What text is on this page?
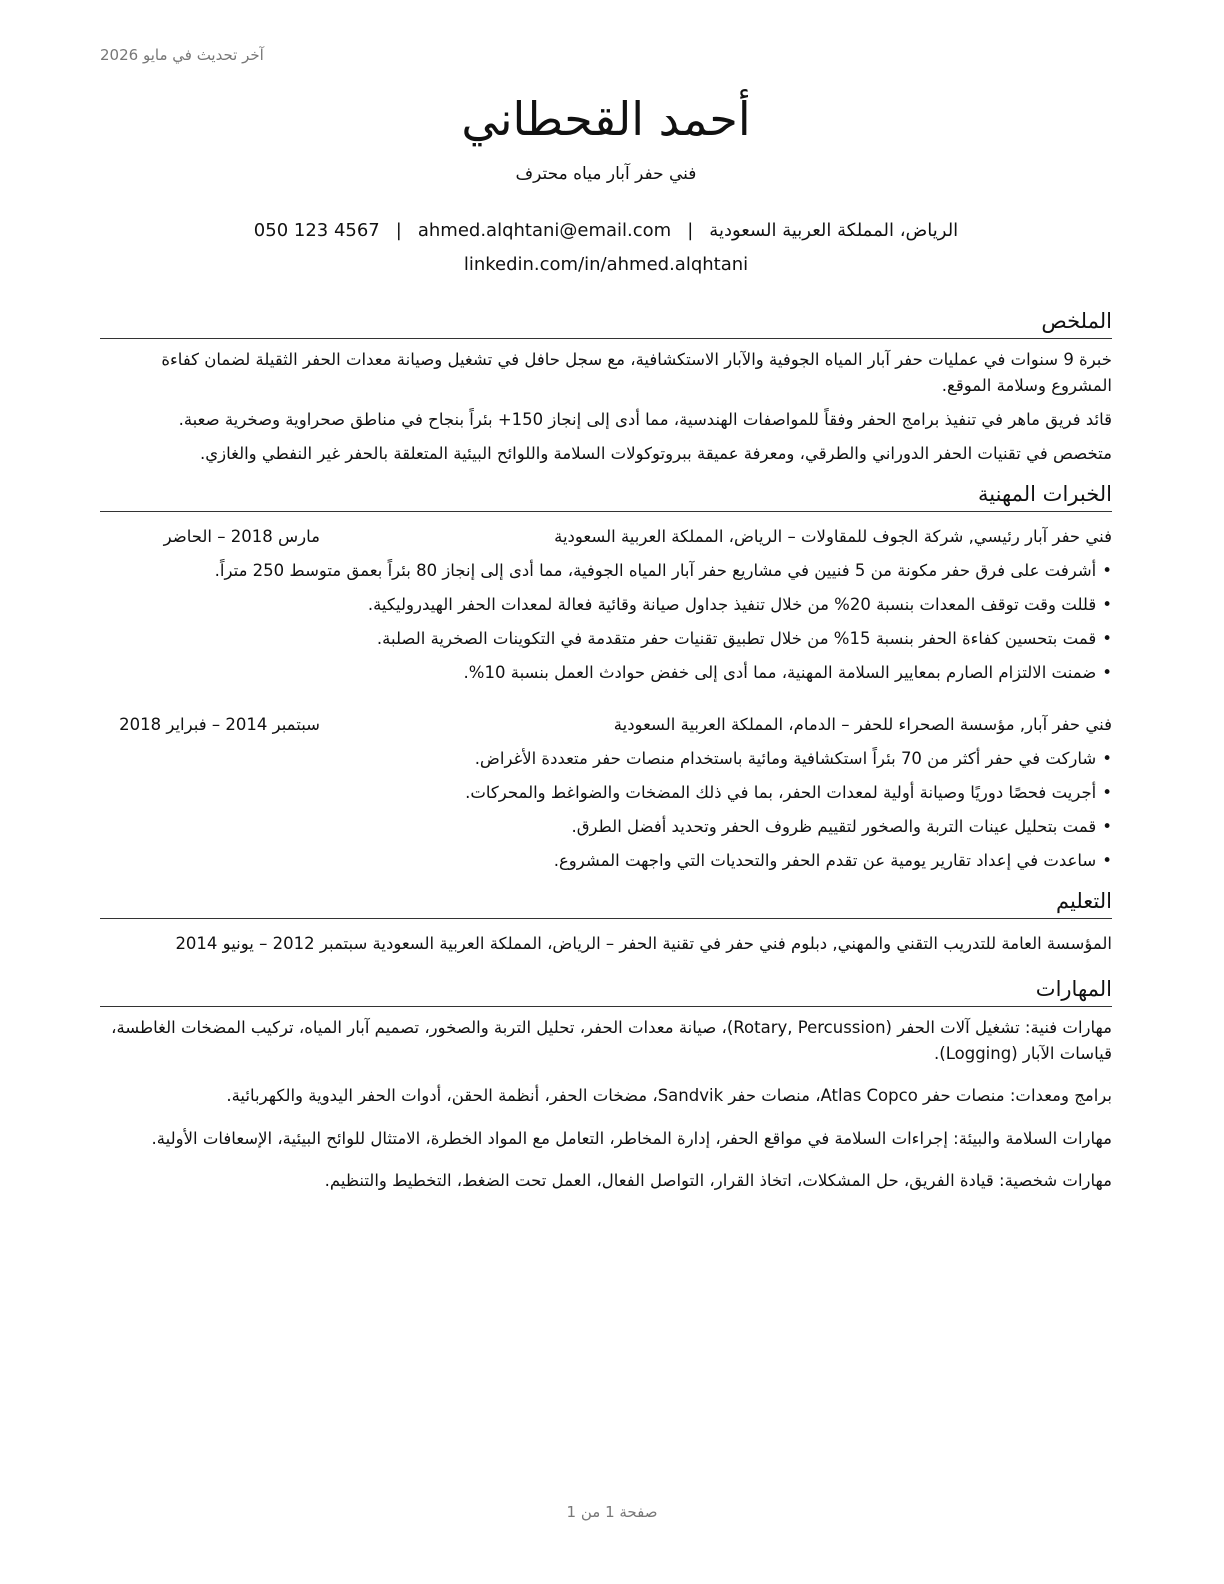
آخر تحديث في مايو 2026
أحمد القحطاني
فني حفر آبار مياه محترف
الرياض، المملكة العربية السعودية|ahmed.alqhtani@email.com|050 123 4567
linkedin.com/in/ahmed.alqhtani
الملخص

خبرة 9 سنوات في عمليات حفر آبار المياه الجوفية والآبار الاستكشافية، مع سجل حافل في تشغيل وصيانة معدات الحفر الثقيلة لضمان كفاءة المشروع وسلامة الموقع.

قائد فريق ماهر في تنفيذ برامج الحفر وفقاً للمواصفات الهندسية، مما أدى إلى إنجاز 150+ بئراً بنجاح في مناطق صحراوية وصخرية صعبة.

متخصص في تقنيات الحفر الدوراني والطرقي، ومعرفة عميقة ببروتوكولات السلامة واللوائح البيئية المتعلقة بالحفر غير النفطي والغازي.

الخبرات المهنية
فني حفر آبار رئيسي, شركة الجوف للمقاولات – الرياض، المملكة العربية السعودية
مارس 2018 – الحاضر
•أشرفت على فرق حفر مكونة من 5 فنيين في مشاريع حفر آبار المياه الجوفية، مما أدى إلى إنجاز 80 بئراً بعمق متوسط 250 متراً.
•قللت وقت توقف المعدات بنسبة 20% من خلال تنفيذ جداول صيانة وقائية فعالة لمعدات الحفر الهيدروليكية.
•قمت بتحسين كفاءة الحفر بنسبة 15% من خلال تطبيق تقنيات حفر متقدمة في التكوينات الصخرية الصلبة.
•ضمنت الالتزام الصارم بمعايير السلامة المهنية، مما أدى إلى خفض حوادث العمل بنسبة 10%.
فني حفر آبار, مؤسسة الصحراء للحفر – الدمام، المملكة العربية السعودية
سبتمبر 2014 – فبراير 2018
•شاركت في حفر أكثر من 70 بئراً استكشافية ومائية باستخدام منصات حفر متعددة الأغراض.
•أجريت فحصًا دوريًا وصيانة أولية لمعدات الحفر، بما في ذلك المضخات والضواغط والمحركات.
•قمت بتحليل عينات التربة والصخور لتقييم ظروف الحفر وتحديد أفضل الطرق.
•ساعدت في إعداد تقارير يومية عن تقدم الحفر والتحديات التي واجهت المشروع.
التعليم

المؤسسة العامة للتدريب التقني والمهني, دبلوم فني حفر في تقنية الحفر – الرياض، المملكة العربية السعودية سبتمبر 2012 – يونيو 2014

المهارات

مهارات فنية: تشغيل آلات الحفر (Rotary, Percussion)، صيانة معدات الحفر، تحليل التربة والصخور، تصميم آبار المياه، تركيب المضخات الغاطسة، قياسات الآبار (Logging).

برامج ومعدات: منصات حفر Atlas Copco، منصات حفر Sandvik، مضخات الحفر، أنظمة الحقن، أدوات الحفر اليدوية والكهربائية.

مهارات السلامة والبيئة: إجراءات السلامة في مواقع الحفر، إدارة المخاطر، التعامل مع المواد الخطرة، الامتثال للوائح البيئية، الإسعافات الأولية.

مهارات شخصية: قيادة الفريق، حل المشكلات، اتخاذ القرار، التواصل الفعال، العمل تحت الضغط، التخطيط والتنظيم.

صفحة 1 من 1
